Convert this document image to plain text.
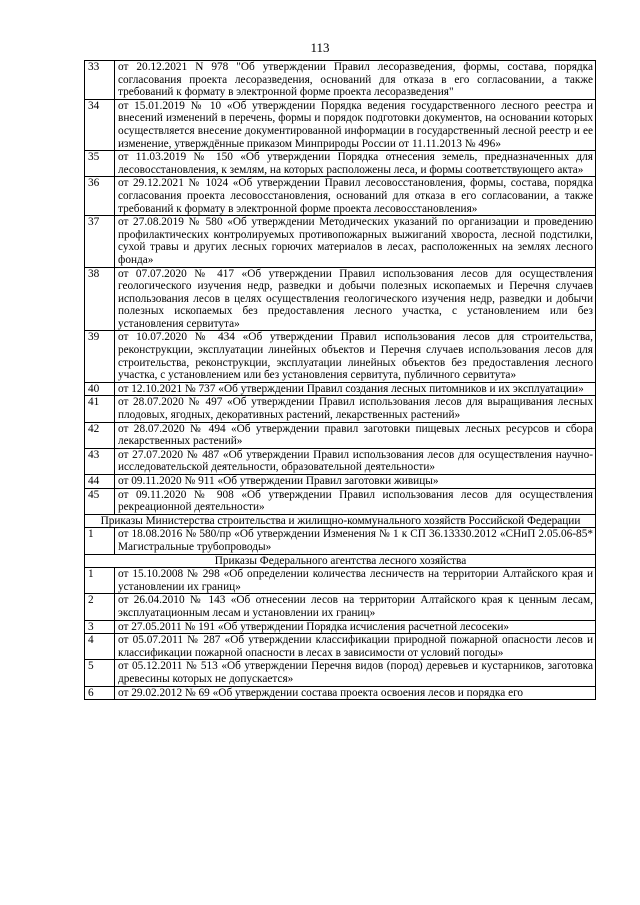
113
33	от 20.12.2021 N 978 "Об утверждении Правил лесоразведения, формы, состава, порядка согласования проекта лесоразведения, оснований для отказа в его согласовании, а также требований к формату в электронной форме проекта лесоразведения"
34	от 15.01.2019 № 10 «Об утверждении Порядка ведения государственного лесного реестра и внесений изменений в перечень, формы и порядок подготовки документов, на основании которых осуществляется внесение документированной информации в государственный лесной реестр и ее изменение, утверждённые приказом Минприроды России от 11.11.2013 № 496»
35	от 11.03.2019 № 150 «Об утверждении Порядка отнесения земель, предназначенных для лесовосстановления, к землям, на которых расположены леса, и формы соответствующего акта»
36	от 29.12.2021 № 1024 «Об утверждении Правил лесовосстановления, формы, состава, порядка согласования проекта лесовосстановления, оснований для отказа в его согласовании, а также требований к формату в электронной форме проекта лесовосстановления»
37	от 27.08.2019 № 580 «Об утверждении Методических указаний по организации и проведению профилактических контролируемых противопожарных выжиганий хвороста, лесной подстилки, сухой травы и других лесных горючих материалов в лесах, расположенных на землях лесного фонда»
38	от 07.07.2020 № 417 «Об утверждении Правил использования лесов для осуществления геологического изучения недр, разведки и добычи полезных ископаемых и Перечня случаев использования лесов в целях осуществления геологического изучения недр, разведки и добычи полезных ископаемых без предоставления лесного участка, с установлением или без установления сервитута»
39	от 10.07.2020 № 434 «Об утверждении Правил использования лесов для строительства, реконструкции, эксплуатации линейных объектов и Перечня случаев использования лесов для строительства, реконструкции, эксплуатации линейных объектов без предоставления лесного участка, с установлением или без установления сервитута, публичного сервитута»
40	от 12.10.2021 № 737 «Об утверждении Правил создания лесных питомников и их эксплуатации»
41	от 28.07.2020 № 497 «Об утверждении Правил использования лесов для выращивания лесных плодовых, ягодных, декоративных растений, лекарственных растений»
42	от 28.07.2020 № 494 «Об утверждении правил заготовки пищевых лесных ресурсов и сбора лекарственных растений»
43	от 27.07.2020 № 487 «Об утверждении Правил использования лесов для осуществления научно-исследовательской деятельности, образовательной деятельности»
44	от 09.11.2020 № 911 «Об утверждении Правил заготовки живицы»
45	от 09.11.2020 № 908 «Об утверждении Правил использования лесов для осуществления рекреационной деятельности»
Приказы Министерства строительства и жилищно-коммунального хозяйств Российской Федерации	
1	от 18.08.2016 № 580/пр «Об утверждении Изменения № 1 к СП 36.13330.2012 «СНиП 2.05.06-85* Магистральные трубопроводы»
Приказы Федерального агентства лесного хозяйства	
1	от 15.10.2008 № 298 «Об определении количества лесничеств на территории Алтайского края и установлении их границ»
2	от 26.04.2010 № 143 «Об отнесении лесов на территории Алтайского края к ценным лесам, эксплуатационным лесам и установлении их границ»
3	от 27.05.2011 № 191 «Об утверждении Порядка исчисления расчетной лесосеки»
4	от 05.07.2011 № 287 «Об утверждении классификации природной пожарной опасности лесов и классификации пожарной опасности в лесах в зависимости от условий погоды»
5	от 05.12.2011 № 513 «Об утверждении Перечня видов (пород) деревьев и кустарников, заготовка древесины которых не допускается»
6	от 29.02.2012 № 69 «Об утверждении состава проекта освоения лесов и порядка его
